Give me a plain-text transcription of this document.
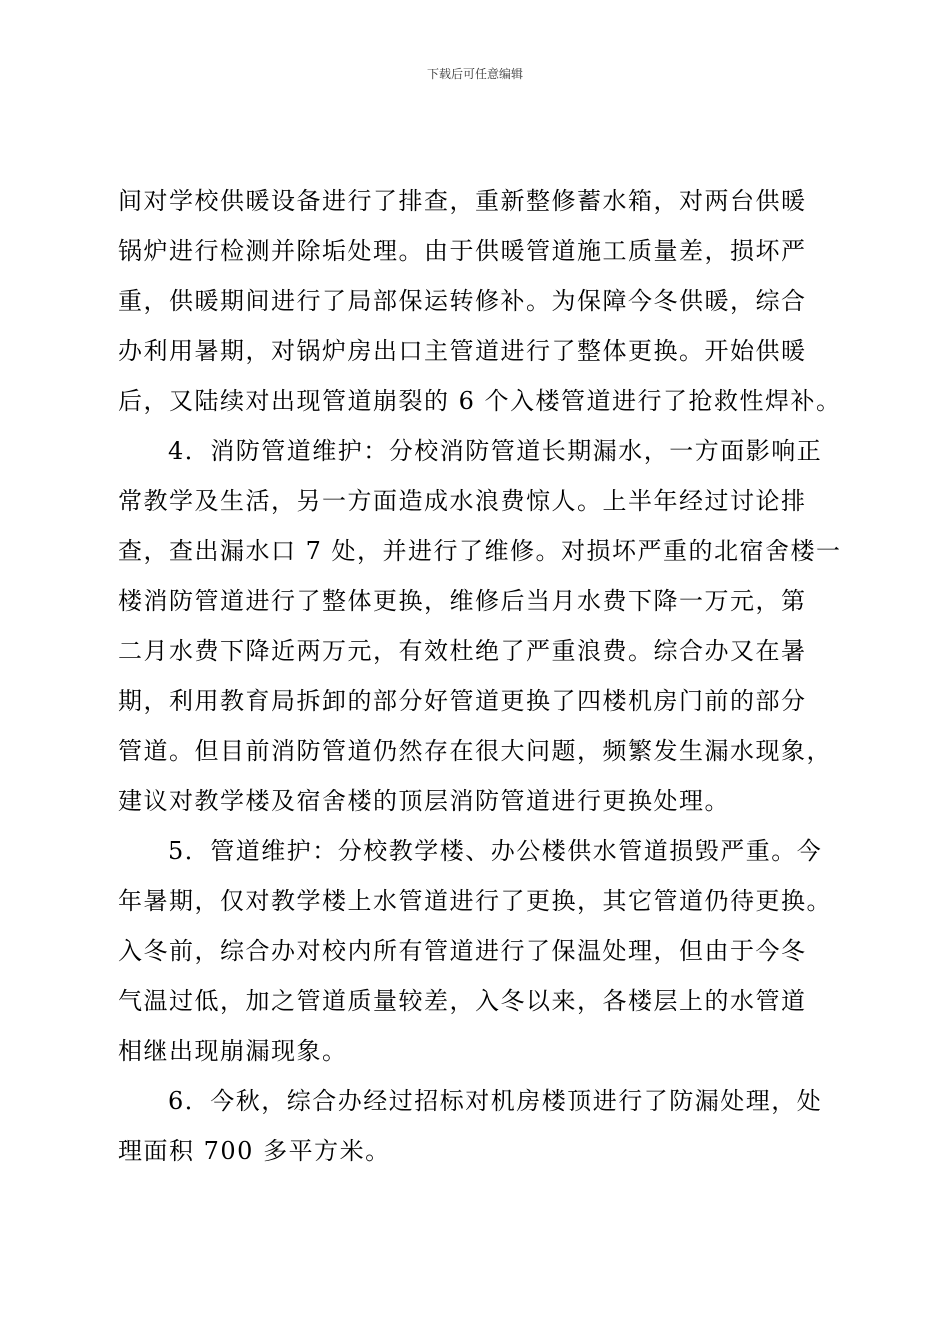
下载后可任意编辑
间对学校供暖设备进行了排查，重新整修蓄水箱，对两台供暖
锅炉进行检测并除垢处理。由于供暖管道施工质量差，损坏严
重，供暖期间进行了局部保运转修补。为保障今冬供暖，综合
办利用暑期，对锅炉房出口主管道进行了整体更换。开始供暖
后，又陆续对出现管道崩裂的 6 个入楼管道进行了抢救性焊补。
4．消防管道维护：分校消防管道长期漏水，一方面影响正
常教学及生活，另一方面造成水浪费惊人。上半年经过讨论排
查，查出漏水口 7 处，并进行了维修。对损坏严重的北宿舍楼一
楼消防管道进行了整体更换，维修后当月水费下降一万元，第
二月水费下降近两万元，有效杜绝了严重浪费。综合办又在暑
期，利用教育局拆卸的部分好管道更换了四楼机房门前的部分
管道。但目前消防管道仍然存在很大问题，频繁发生漏水现象，
建议对教学楼及宿舍楼的顶层消防管道进行更换处理。
5．管道维护：分校教学楼、办公楼供水管道损毁严重。今
年暑期，仅对教学楼上水管道进行了更换，其它管道仍待更换。
入冬前，综合办对校内所有管道进行了保温处理，但由于今冬
气温过低，加之管道质量较差，入冬以来，各楼层上的水管道
相继出现崩漏现象。
6．今秋，综合办经过招标对机房楼顶进行了防漏处理，处
理面积 700 多平方米。
